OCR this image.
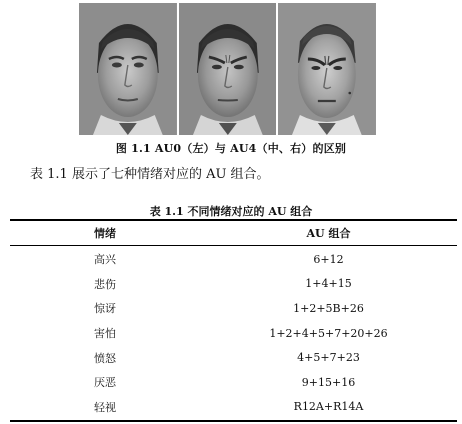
图 1.1 AU0（左）与 AU4（中、右）的区别
表 1.1 展示了七种情绪对应的 AU 组合。
表 1.1 不同情绪对应的 AU 组合
情绪	AU 组合
高兴	6+12
悲伤	1+4+15
惊讶	1+2+5B+26
害怕	1+2+4+5+7+20+26
愤怒	4+5+7+23
厌恶	9+15+16
轻视	R12A+R14A
